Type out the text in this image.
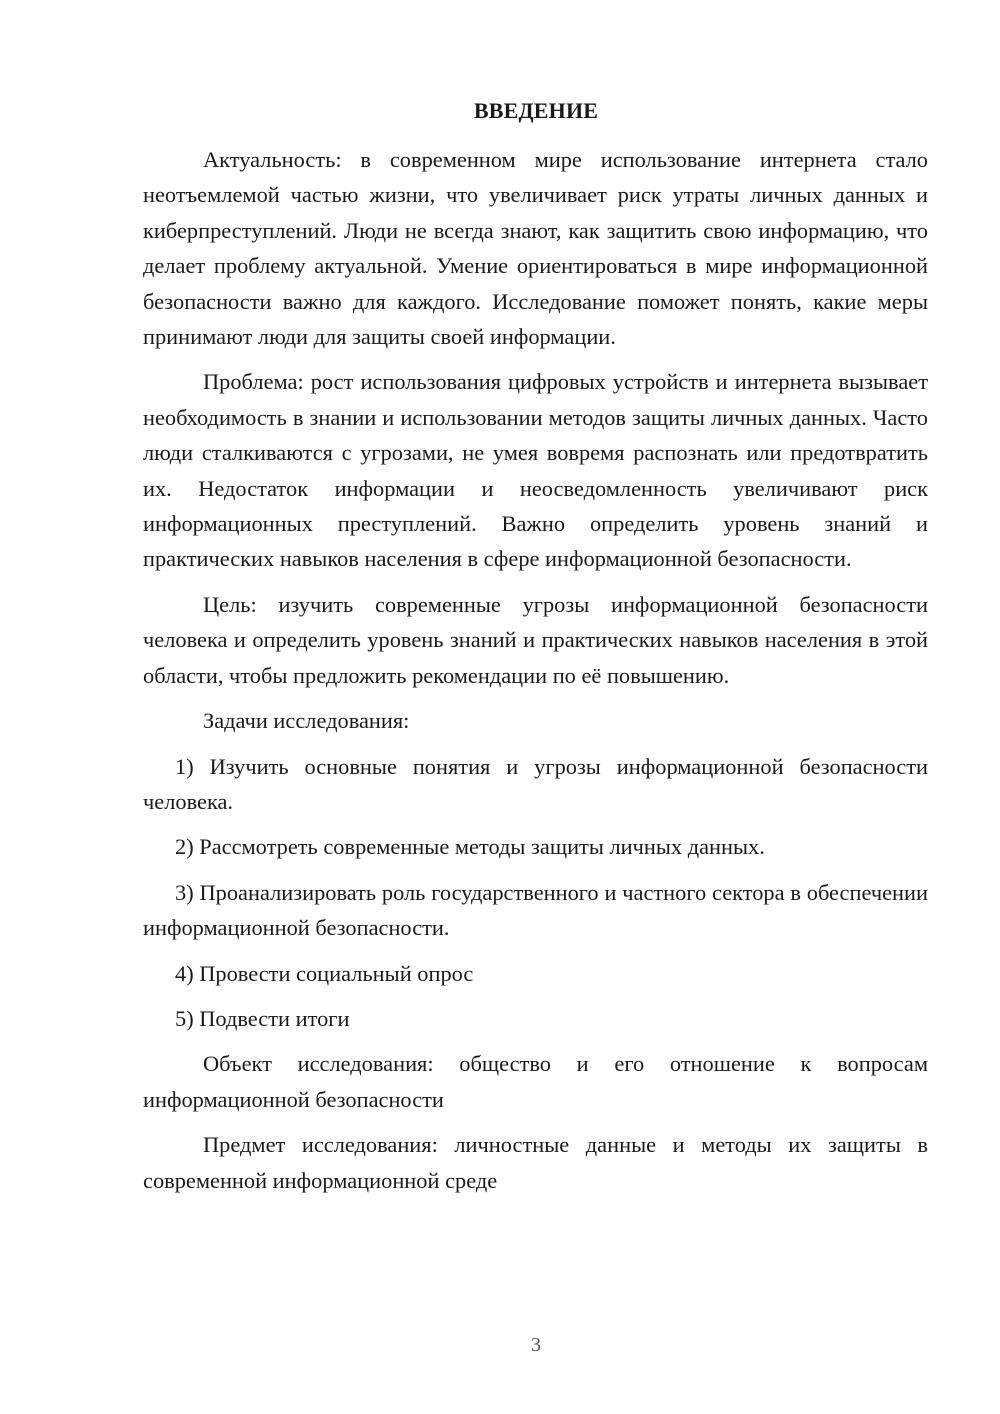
ВВЕДЕНИЕ

Актуальность: в современном мире использование интернета стало неотъемлемой частью жизни, что увеличивает риск утраты личных данных и киберпреступлений. Люди не всегда знают, как защитить свою информацию, что делает проблему актуальной. Умение ориентироваться в мире информационной безопасности важно для каждого. Исследование поможет понять, какие меры принимают люди для защиты своей информации.

Проблема: рост использования цифровых устройств и интернета вызывает необходимость в знании и использовании методов защиты личных данных. Часто люди сталкиваются с угрозами, не умея вовремя распознать или предотвратить их. Недостаток информации и неосведомленность увеличивают риск информационных преступлений. Важно определить уровень знаний и практических навыков населения в сфере информационной безопасности.

Цель: изучить современные угрозы информационной безопасности человека и определить уровень знаний и практических навыков населения в этой области, чтобы предложить рекомендации по её повышению.

Задачи исследования:

1) Изучить основные понятия и угрозы информационной безопасности человека.

2) Рассмотреть современные методы защиты личных данных.

3) Проанализировать роль государственного и частного сектора в обеспечении информационной безопасности.

4) Провести социальный опрос

5) Подвести итоги

Объект исследования: общество и его отношение к вопросам информационной безопасности

Предмет исследования: личностные данные и методы их защиты в современной информационной среде

3
